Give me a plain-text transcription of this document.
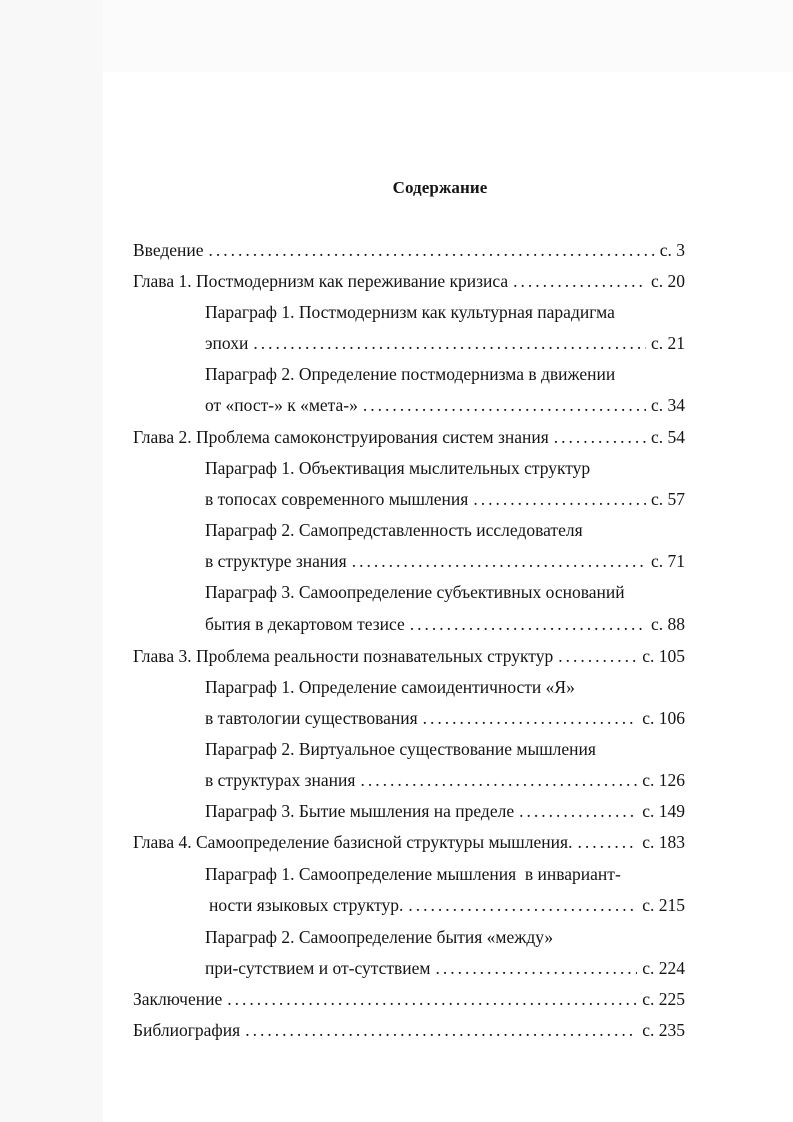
Содержание
Введение .....	с. 3
Глава 1. Постмодернизм как переживание кризиса .....	с. 20
Параграф 1. Постмодернизм как культурная парадигма
эпохи .....	с. 21
Параграф 2. Определение постмодернизма в движении
от «пост-» к «мета-» .....	с. 34
Глава 2. Проблема самоконструирования систем знания .....	с. 54
Параграф 1. Объективация мыслительных структур
в топосах современного мышления .....	с. 57
Параграф 2. Самопредставленность исследователя
в структуре знания .....	с. 71
Параграф 3. Самоопределение субъективных оснований
бытия в декартовом тезисе .....	с. 88
Глава 3. Проблема реальности познавательных структур .....	с. 105
Параграф 1. Определение самоидентичности «Я»
в тавтологии существования .....	с. 106
Параграф 2. Виртуальное существование мышления
в структурах знания .....	с. 126
Параграф 3. Бытие мышления на пределе .....	с. 149
Глава 4. Самоопределение базисной структуры мышления. .....	с. 183
Параграф 1. Самоопределение мышления  в инвариант-
ности языковых структур. .....	с. 215
Параграф 2. Самоопределение бытия «между»
при-сутствием и от-сутствием .....	с. 224
Заключение .....	с. 225
Библиография .....	с. 235
